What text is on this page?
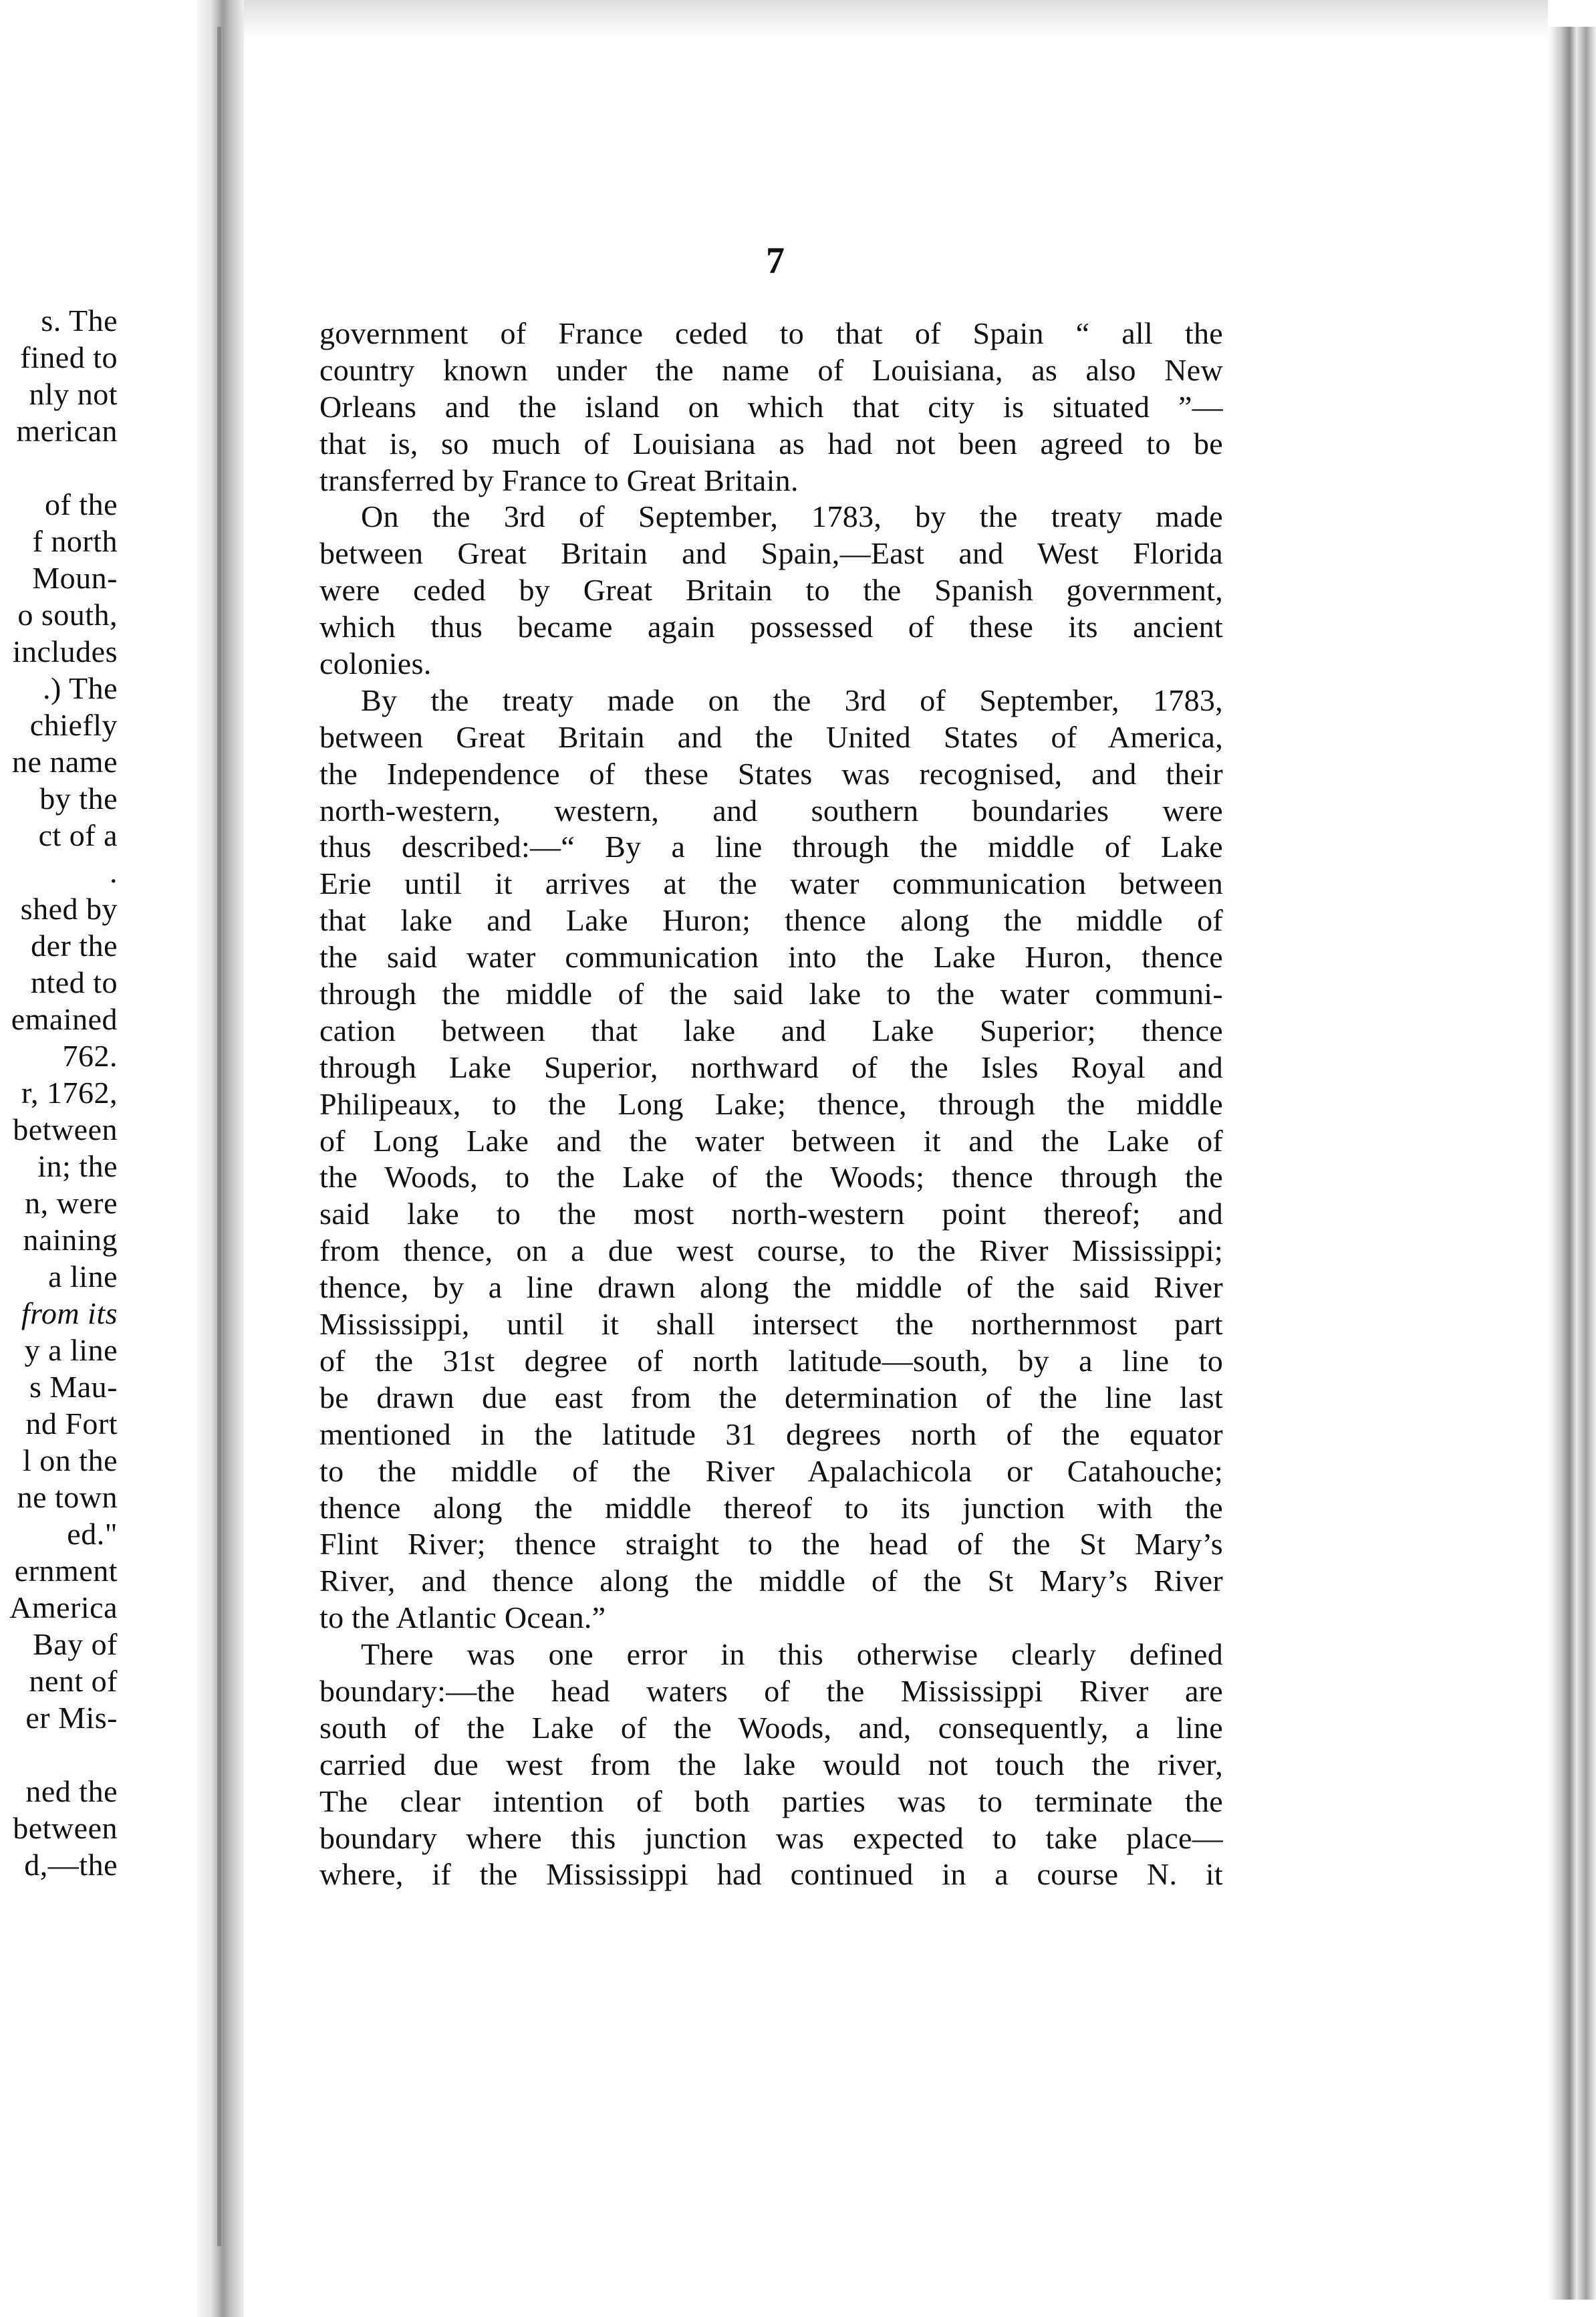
s. The
fined to
nly not
merican
of the
f north
Moun-
o south,
includes
.) The
chiefly
ne name
by the
ct of a
.
shed by
der the
nted to
emained
762.
r, 1762,
between
in; the
n, were
naining
a line
from its
y a line
s Mau-
nd Fort
l on the
ne town
ed."
ernment
America
Bay of
nent of
er Mis-
ned the
between
d,—the
7
government of France ceded to that of Spain “ all the
country known under the name of Louisiana, as also New
Orleans and the island on which that city is situated ”—
that is, so much of Louisiana as had not been agreed to be
transferred by France to Great Britain.
On the 3rd of September, 1783, by the treaty made
between Great Britain and Spain,—East and West Florida
were ceded by Great Britain to the Spanish government,
which thus became again possessed of these its ancient
colonies.
By the treaty made on the 3rd of September, 1783,
between Great Britain and the United States of America,
the Independence of these States was recognised, and their
north-western, western, and southern boundaries were
thus described:—“ By a line through the middle of Lake
Erie until it arrives at the water communication between
that lake and Lake Huron; thence along the middle of
the said water communication into the Lake Huron, thence
through the middle of the said lake to the water communi-
cation between that lake and Lake Superior; thence
through Lake Superior, northward of the Isles Royal and
Philipeaux, to the Long Lake; thence, through the middle
of Long Lake and the water between it and the Lake of
the Woods, to the Lake of the Woods; thence through the
said lake to the most north-western point thereof; and
from thence, on a due west course, to the River Mississippi;
thence, by a line drawn along the middle of the said River
Mississippi, until it shall intersect the northernmost part
of the 31st degree of north latitude—south, by a line to
be drawn due east from the determination of the line last
mentioned in the latitude 31 degrees north of the equator
to the middle of the River Apalachicola or Catahouche;
thence along the middle thereof to its junction with the
Flint River; thence straight to the head of the St Mary’s
River, and thence along the middle of the St Mary’s River
to the Atlantic Ocean.”
There was one error in this otherwise clearly defined
boundary:—the head waters of the Mississippi River are
south of the Lake of the Woods, and, consequently, a line
carried due west from the lake would not touch the river,
The clear intention of both parties was to terminate the
boundary where this junction was expected to take place—
where, if the Mississippi had continued in a course N. it
